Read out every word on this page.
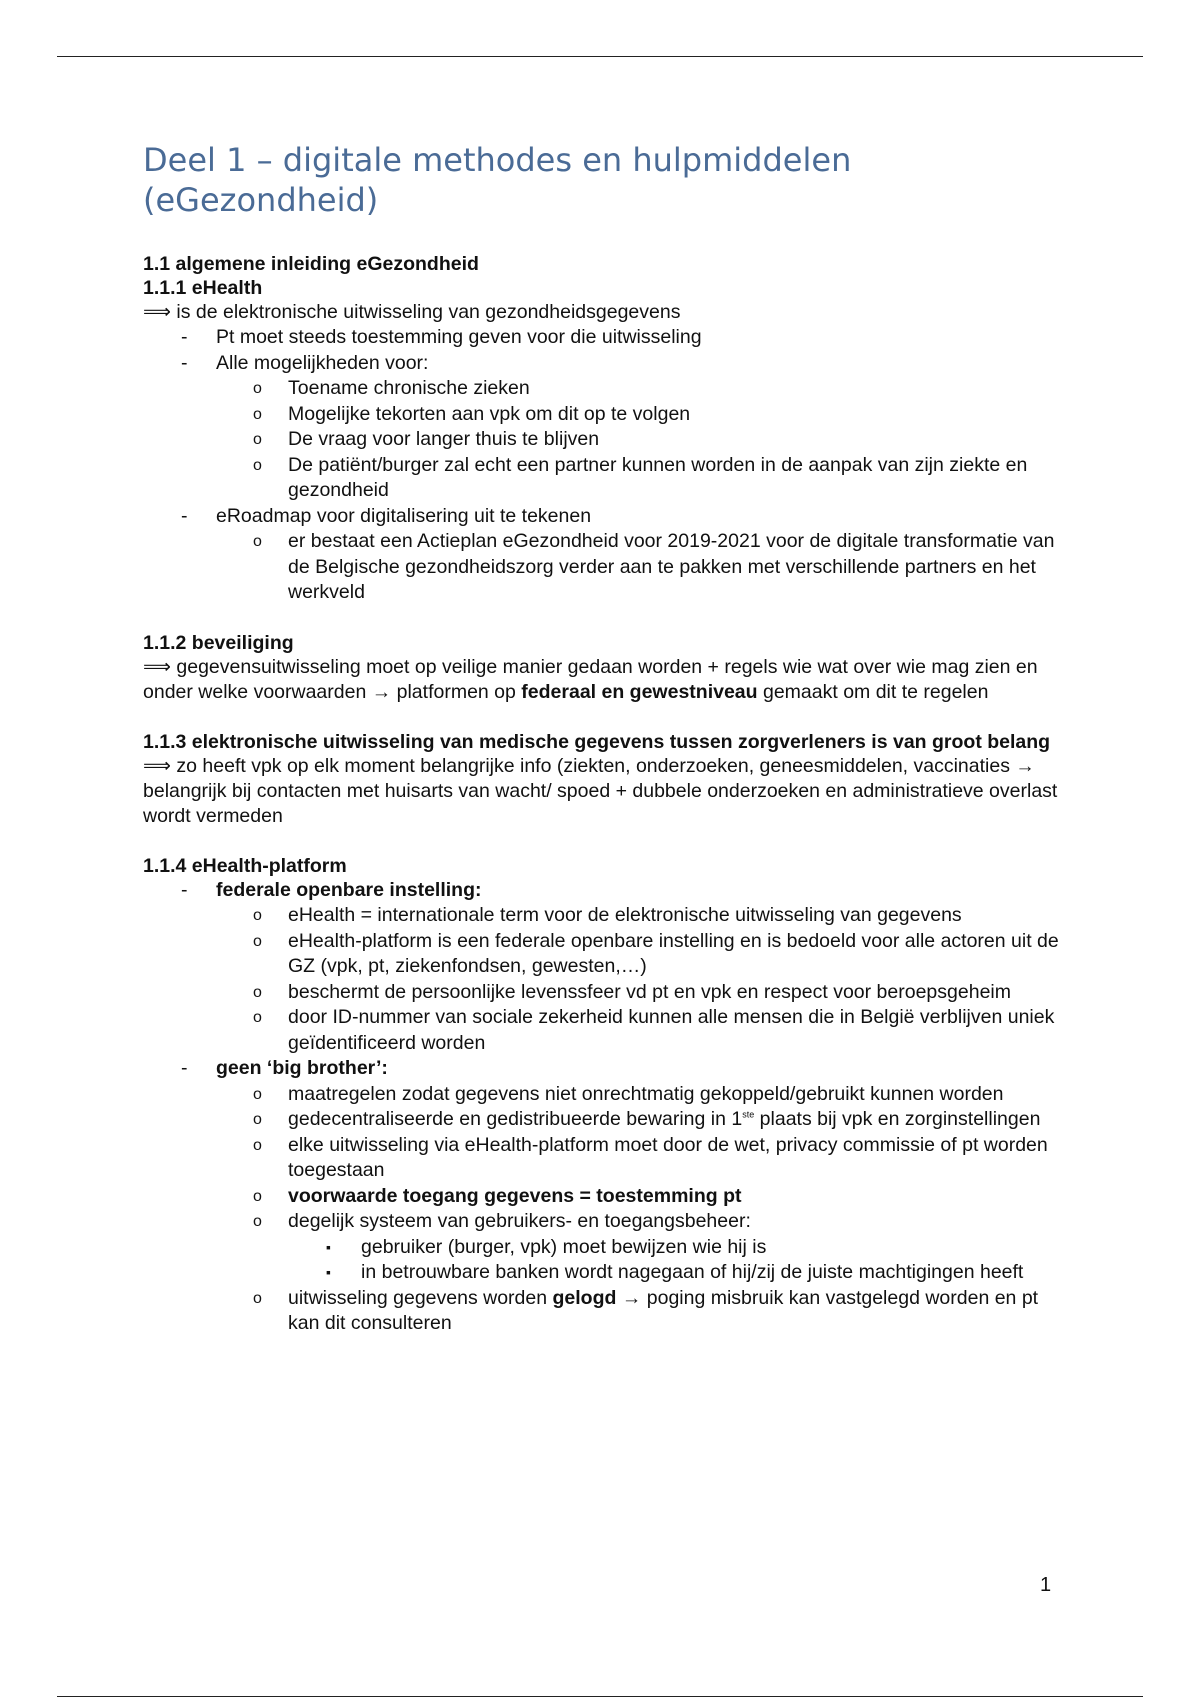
Deel 1 – digitale methodes en hulpmiddelen (eGezondheid)
1.1 algemene inleiding eGezondheid
1.1.1 eHealth

⟹ is de elektronische uitwisseling van gezondheidsgegevens

- Pt moet steeds toestemming geven voor die uitwisseling
- Alle mogelijkheden voor:
o Toename chronische zieken
o Mogelijke tekorten aan vpk om dit op te volgen
o De vraag voor langer thuis te blijven
o De patiënt/burger zal echt een partner kunnen worden in de aanpak van zijn ziekte en gezondheid
- eRoadmap voor digitalisering uit te tekenen
o er bestaat een Actieplan eGezondheid voor 2019-2021 voor de digitale transformatie van de Belgische gezondheidszorg verder aan te pakken met verschillende partners en het werkveld
1.1.2 beveiliging

⟹ gegevensuitwisseling moet op veilige manier gedaan worden + regels wie wat over wie mag zien en onder welke voorwaarden → platformen op federaal en gewestniveau gemaakt om dit te regelen

1.1.3 elektronische uitwisseling van medische gegevens tussen zorgverleners is van groot belang

⟹ zo heeft vpk op elk moment belangrijke info (ziekten, onderzoeken, geneesmiddelen, vaccinaties → belangrijk bij contacten met huisarts van wacht/ spoed + dubbele onderzoeken en administratieve overlast wordt vermeden

1.1.4 eHealth-platform
- federale openbare instelling:
o eHealth = internationale term voor de elektronische uitwisseling van gegevens
o eHealth-platform is een federale openbare instelling en is bedoeld voor alle actoren uit de GZ (vpk, pt, ziekenfondsen, gewesten,…)
o beschermt de persoonlijke levenssfeer vd pt en vpk en respect voor beroepsgeheim
o door ID-nummer van sociale zekerheid kunnen alle mensen die in België verblijven uniek geïdentificeerd worden
- geen ‘big brother’:
o maatregelen zodat gegevens niet onrechtmatig gekoppeld/gebruikt kunnen worden
o gedecentraliseerde en gedistribueerde bewaring in 1ste plaats bij vpk en zorginstellingen
o elke uitwisseling via eHealth-platform moet door de wet, privacy commissie of pt worden toegestaan
o voorwaarde toegang gegevens = toestemming pt
o degelijk systeem van gebruikers- en toegangsbeheer:
▪ gebruiker (burger, vpk) moet bewijzen wie hij is
▪ in betrouwbare banken wordt nagegaan of hij/zij de juiste machtigingen heeft
o uitwisseling gegevens worden gelogd → poging misbruik kan vastgelegd worden en pt kan dit consulteren
1
